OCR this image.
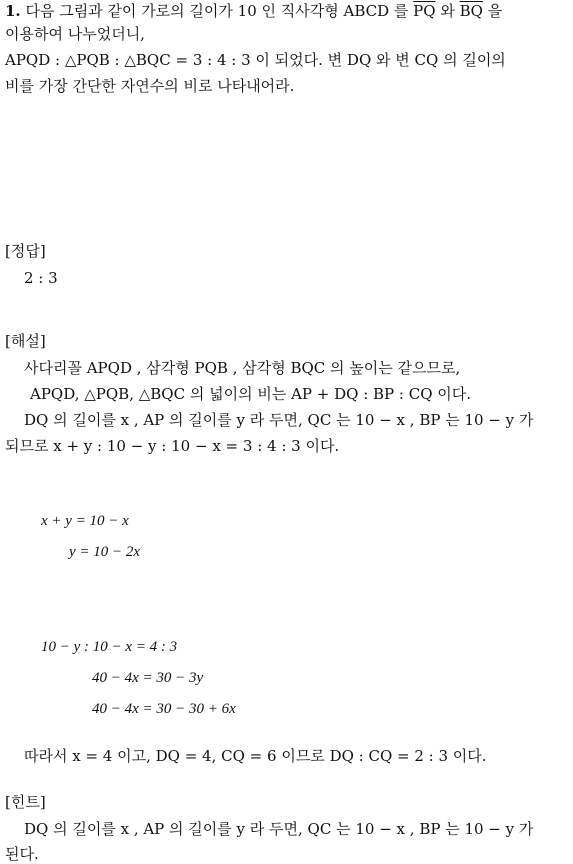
1. 다음 그림과 같이 가로의 길이가 10 인 직사각형 ABCD 를 $\overline{PQ}$ 와 $\overline{BQ}$ 을
이용하여 나누었더니,
APQD : △PQB : △BQC = 3 : 4 : 3 이 되었다. 변 DQ 와 변 CQ 의 길이의
비를 가장 간단한 자연수의 비로 나타내어라.
[정답]
2 : 3
[해설]
사다리꼴 APQD , 삼각형 PQB , 삼각형 BQC 의 높이는 같으므로,
APQD, △PQB, △BQC 의 넓이의 비는 AP + DQ : BP : CQ 이다.
DQ 의 길이를 x , AP 의 길이를 y 라 두면, QC 는 10 − x , BP 는 10 − y 가
되므로 x + y : 10 − y : 10 − x = 3 : 4 : 3 이다.
x + y = 10 − x
y = 10 − 2x
10 − y : 10 − x = 4 : 3
40 − 4x = 30 − 3y
40 − 4x = 30 − 30 + 6x
따라서 x = 4 이고, DQ = 4, CQ = 6 이므로 DQ : CQ = 2 : 3 이다.
[힌트]
DQ 의 길이를 x , AP 의 길이를 y 라 두면, QC 는 10 − x , BP 는 10 − y 가
된다.
